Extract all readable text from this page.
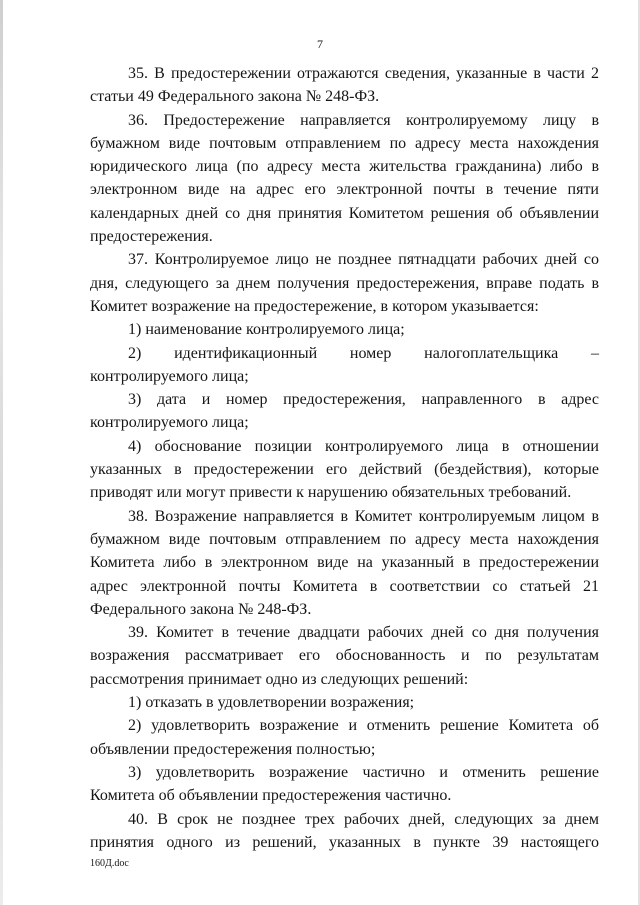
7

35. В предостережении отражаются сведения, указанные в части 2 статьи 49 Федерального закона № 248-ФЗ.

36. Предостережение направляется контролируемому лицу в бумажном виде почтовым отправлением по адресу места нахождения юридического лица (по адресу места жительства гражданина) либо в электронном виде на адрес его электронной почты в течение пяти календарных дней со дня принятия Комитетом решения об объявлении предостережения.

37. Контролируемое лицо не позднее пятнадцати рабочих дней со дня, следующего за днем получения предостережения, вправе подать в Комитет возражение на предостережение, в котором указывается:

1) наименование контролируемого лица;

2) идентификационный номер налогоплательщика – контролируемого лица;

3) дата и номер предостережения, направленного в адрес контролируемого лица;

4) обоснование позиции контролируемого лица в отношении указанных в предостережении его действий (бездействия), которые приводят или могут привести к нарушению обязательных требований.

38. Возражение направляется в Комитет контролируемым лицом в бумажном виде почтовым отправлением по адресу места нахождения Комитета либо в электронном виде на указанный в предостережении адрес электронной почты Комитета в соответствии со статьей 21 Федерального закона № 248-ФЗ.

39. Комитет в течение двадцати рабочих дней со дня получения возражения рассматривает его обоснованность и по результатам рассмотрения принимает одно из следующих решений:

1) отказать в удовлетворении возражения;

2) удовлетворить возражение и отменить решение Комитета об объявлении предостережения полностью;

3) удовлетворить возражение частично и отменить решение Комитета об объявлении предостережения частично.

40. В срок не позднее трех рабочих дней, следующих за днем принятия одного из решений, указанных в пункте 39 настоящего

160Д.doc
